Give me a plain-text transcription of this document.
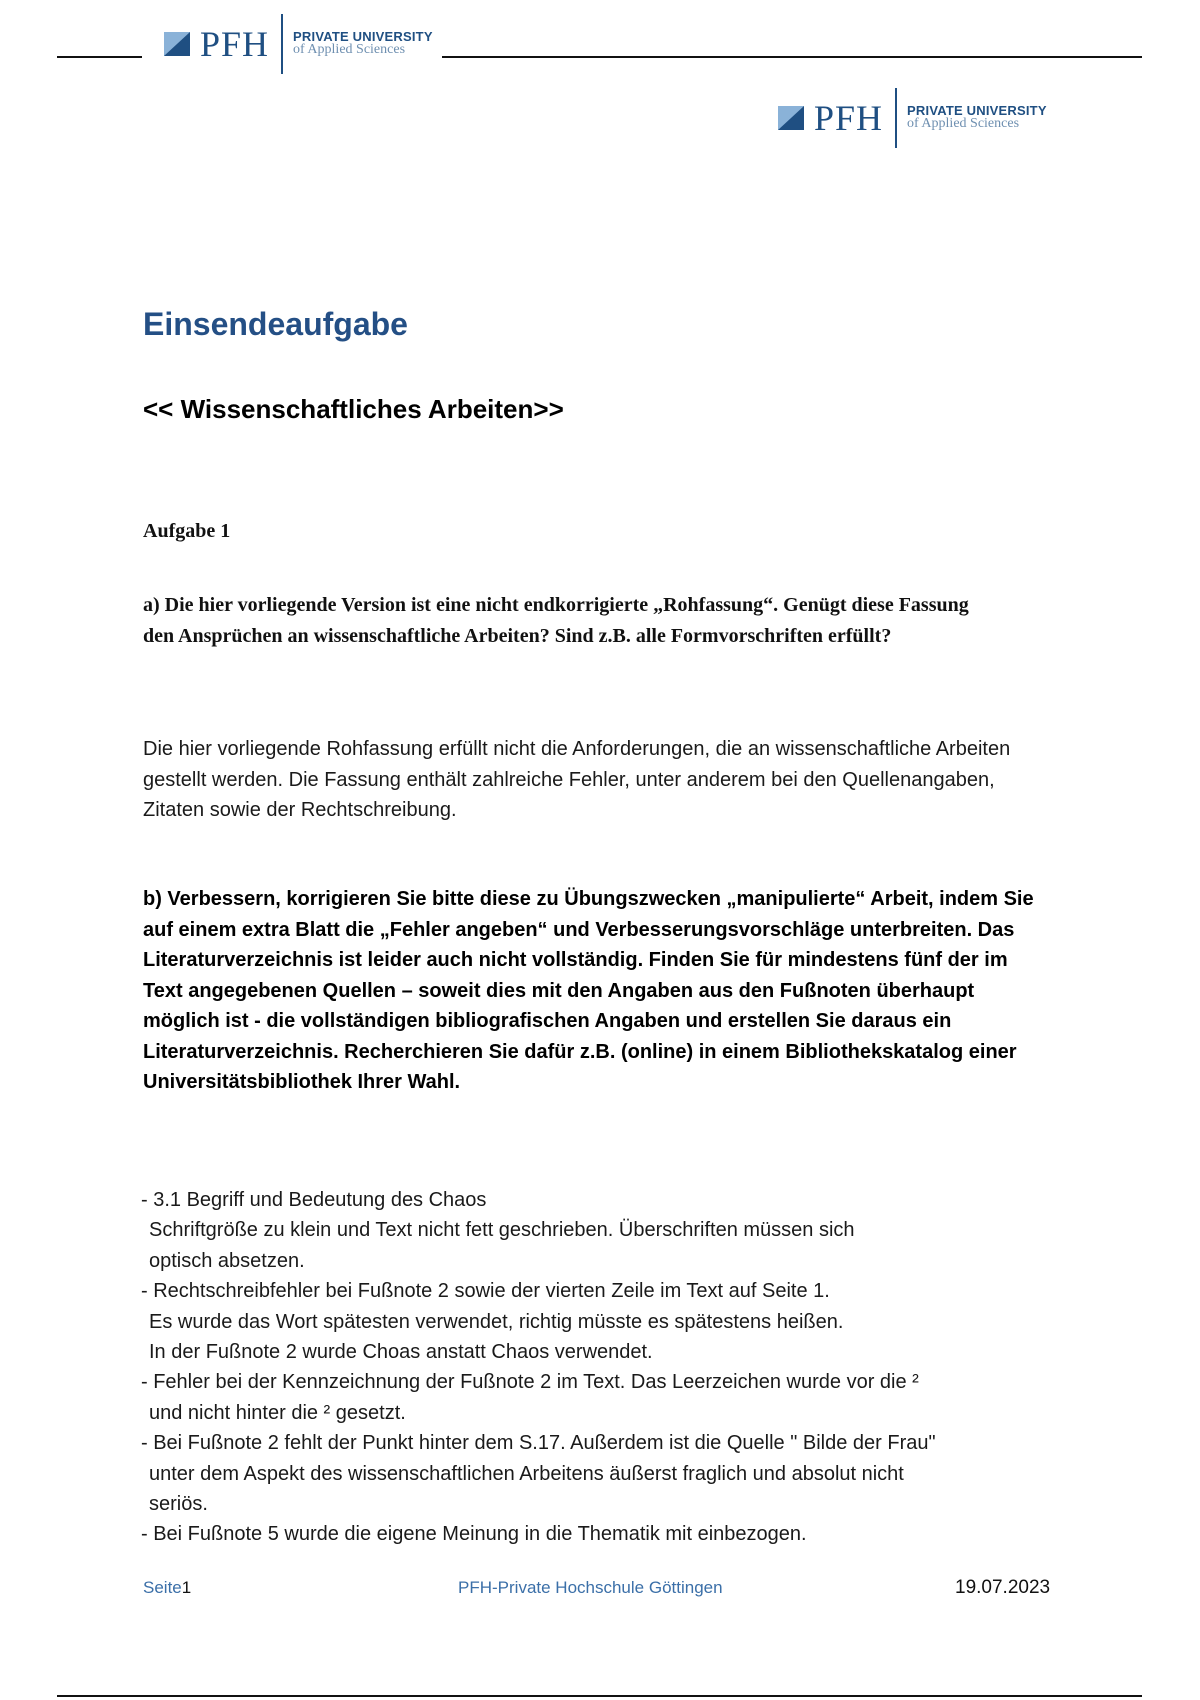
PFH PRIVATE UNIVERSITY
of Applied Sciences
PFH PRIVATE UNIVERSITY
of Applied Sciences
Einsendeaufgabe
<< Wissenschaftliches Arbeiten>>
Aufgabe 1
a) Die hier vorliegende Version ist eine nicht endkorrigierte „Rohfassung“. Genügt diese Fassung den Ansprüchen an wissenschaftliche Arbeiten? Sind z.B. alle Formvorschriften erfüllt?
Die hier vorliegende Rohfassung erfüllt nicht die Anforderungen, die an wissenschaftliche Arbeiten gestellt werden. Die Fassung enthält zahlreiche Fehler, unter anderem bei den Quellenangaben, Zitaten sowie der Rechtschreibung.
b) Verbessern, korrigieren Sie bitte diese zu Übungszwecken „manipulierte“ Arbeit, indem Sie auf einem extra Blatt die „Fehler angeben“ und Verbesserungsvorschläge unterbreiten. Das Literaturverzeichnis ist leider auch nicht vollständig. Finden Sie für mindestens fünf der im Text angegebenen Quellen – soweit dies mit den Angaben aus den Fußnoten überhaupt möglich ist - die vollständigen bibliografischen Angaben und erstellen Sie daraus ein Literaturverzeichnis. Recherchieren Sie dafür z.B. (online) in einem Bibliothekskatalog einer Universitätsbibliothek Ihrer Wahl.

- 3.1 Begriff und Bedeutung des Chaos

Schriftgröße zu klein und Text nicht fett geschrieben. Überschriften müssen sich

optisch absetzen.

- Rechtschreibfehler bei Fußnote 2 sowie der vierten Zeile im Text auf Seite 1.

Es wurde das Wort spätesten verwendet, richtig müsste es spätestens heißen.

In der Fußnote 2 wurde Choas anstatt Chaos verwendet.

- Fehler bei der Kennzeichnung der Fußnote 2 im Text. Das Leerzeichen wurde vor die ²

und nicht hinter die ² gesetzt.

- Bei Fußnote 2 fehlt der Punkt hinter dem S.17. Außerdem ist die Quelle " Bilde der Frau"

unter dem Aspekt des wissenschaftlichen Arbeitens äußerst fraglich und absolut nicht

seriös.

- Bei Fußnote 5 wurde die eigene Meinung in die Thematik mit einbezogen.

Seite1	PFH-Private Hochschule Göttingen	19.07.2023
